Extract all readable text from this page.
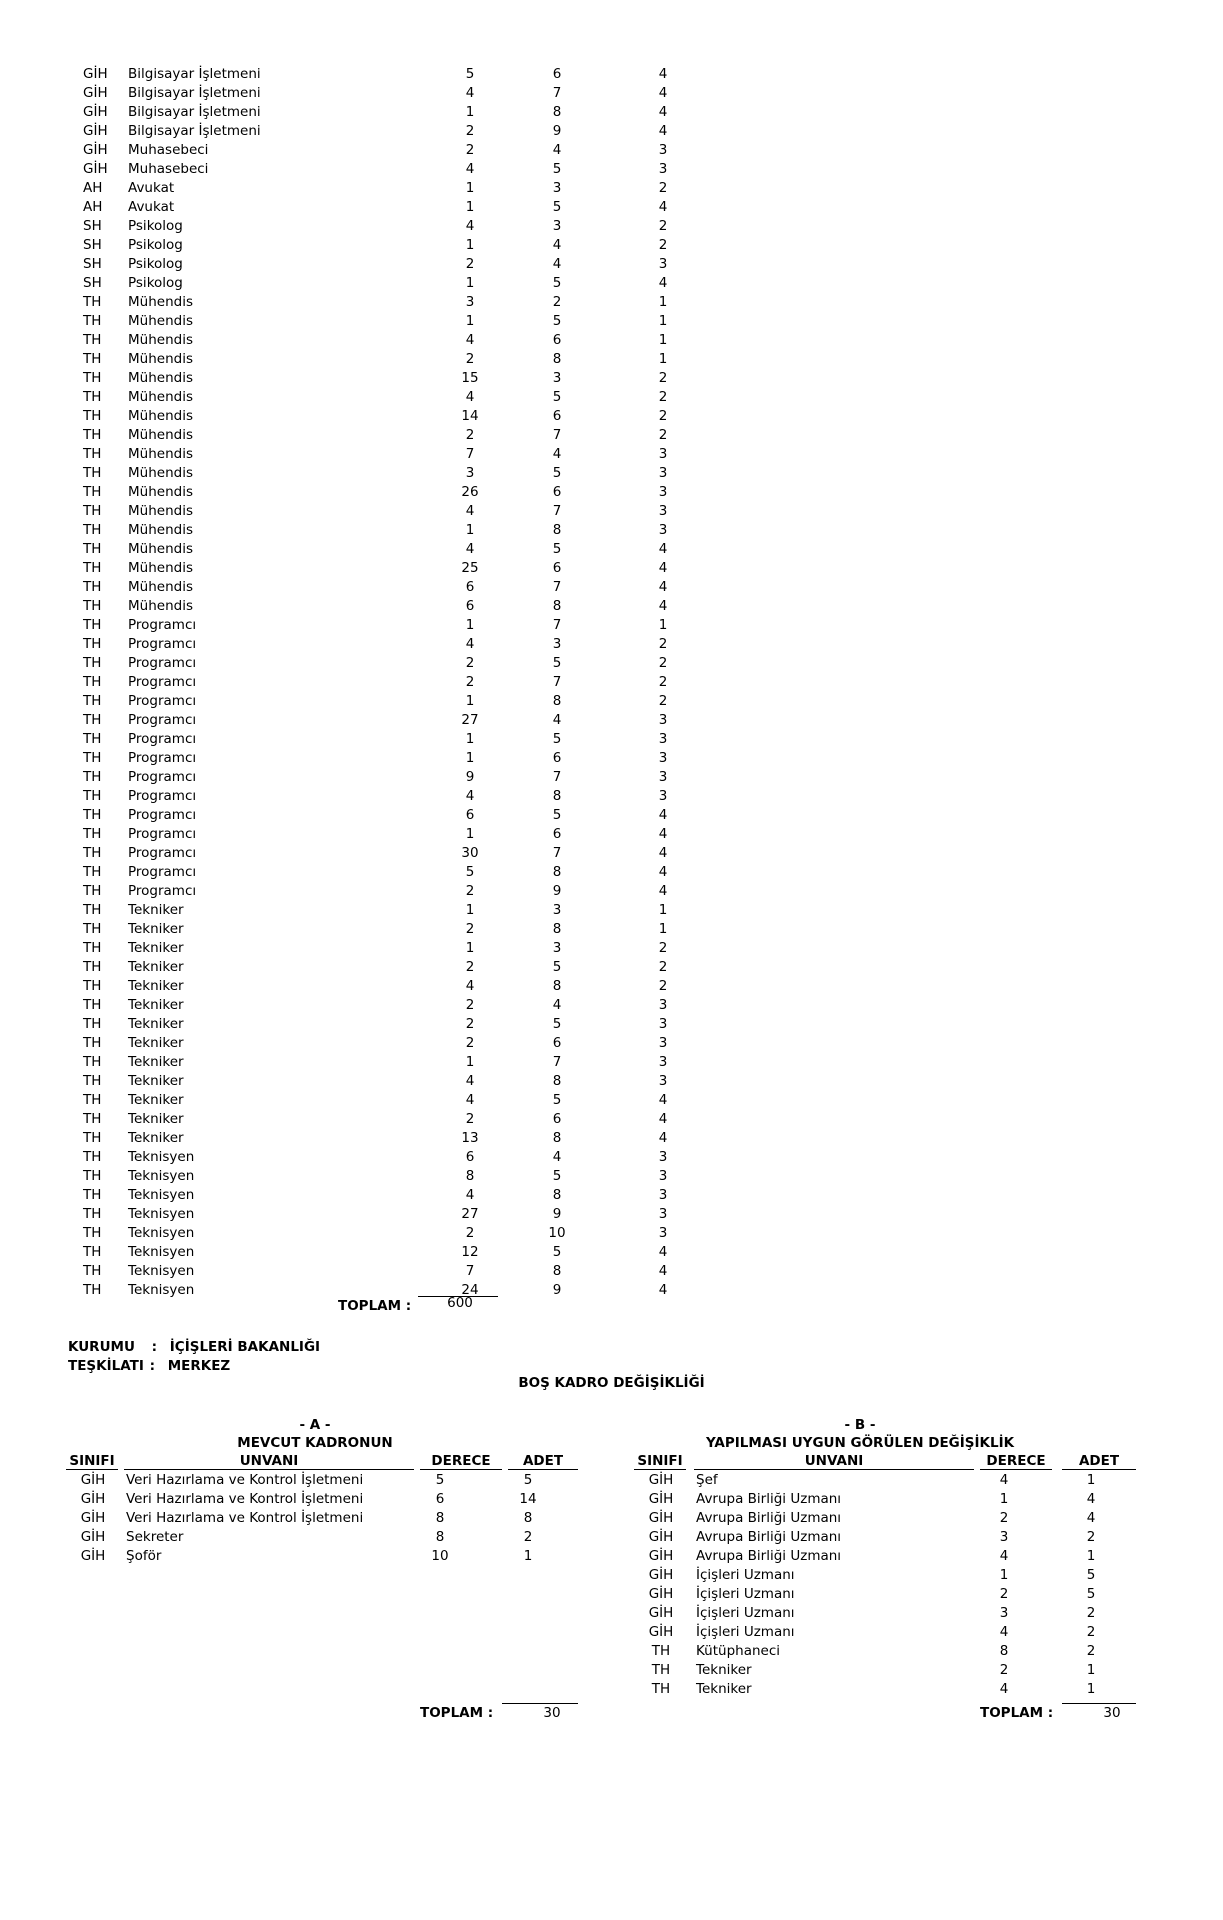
GİH Bilgisayar İşletmeni	5	6	4
GİH Bilgisayar İşletmeni	4	7	4
GİH Bilgisayar İşletmeni	1	8	4
GİH Bilgisayar İşletmeni	2	9	4
GİH Muhasebeci	2	4	3
GİH Muhasebeci	4	5	3
AH Avukat	1	3	2
AH Avukat	1	5	4
SH Psikolog	4	3	2
SH Psikolog	1	4	2
SH Psikolog	2	4	3
SH Psikolog	1	5	4
TH Mühendis	3	2	1
TH Mühendis	1	5	1
TH Mühendis	4	6	1
TH Mühendis	2	8	1
TH Mühendis	15	3	2
TH Mühendis	4	5	2
TH Mühendis	14	6	2
TH Mühendis	2	7	2
TH Mühendis	7	4	3
TH Mühendis	3	5	3
TH Mühendis	26	6	3
TH Mühendis	4	7	3
TH Mühendis	1	8	3
TH Mühendis	4	5	4
TH Mühendis	25	6	4
TH Mühendis	6	7	4
TH Mühendis	6	8	4
TH Programcı	1	7	1
TH Programcı	4	3	2
TH Programcı	2	5	2
TH Programcı	2	7	2
TH Programcı	1	8	2
TH Programcı	27	4	3
TH Programcı	1	5	3
TH Programcı	1	6	3
TH Programcı	9	7	3
TH Programcı	4	8	3
TH Programcı	6	5	4
TH Programcı	1	6	4
TH Programcı	30	7	4
TH Programcı	5	8	4
TH Programcı	2	9	4
TH Tekniker	1	3	1
TH Tekniker	2	8	1
TH Tekniker	1	3	2
TH Tekniker	2	5	2
TH Tekniker	4	8	2
TH Tekniker	2	4	3
TH Tekniker	2	5	3
TH Tekniker	2	6	3
TH Tekniker	1	7	3
TH Tekniker	4	8	3
TH Tekniker	4	5	4
TH Tekniker	2	6	4
TH Tekniker	13	8	4
TH Teknisyen	6	4	3
TH Teknisyen	8	5	3
TH Teknisyen	4	8	3
TH Teknisyen	27	9	3
TH Teknisyen	2	10	3
TH Teknisyen	12	5	4
TH Teknisyen	7	8	4
TH Teknisyen	24	9	4
TOPLAM :	600
KURUMU : İÇİŞLERİ BAKANLIĞI
TEŞKİLATI : MERKEZ
BOŞ KADRO DEĞİŞİKLİĞİ
- A -
MEVCUT KADRONUN
SINIFI	UNVANI	DERECE	ADET
GİH	Veri Hazırlama ve Kontrol İşletmeni	5	5
GİH	Veri Hazırlama ve Kontrol İşletmeni	6	14
GİH	Veri Hazırlama ve Kontrol İşletmeni	8	8
GİH	Sekreter	8	2
GİH	Şoför	10	1
TOPLAM :	30
- B -
YAPILMASI UYGUN GÖRÜLEN DEĞİŞİKLİK
SINIFI	UNVANI	DERECE	ADET
GİH	Şef	4	1
GİH	Avrupa Birliği Uzmanı	1	4
GİH	Avrupa Birliği Uzmanı	2	4
GİH	Avrupa Birliği Uzmanı	3	2
GİH	Avrupa Birliği Uzmanı	4	1
GİH	İçişleri Uzmanı	1	5
GİH	İçişleri Uzmanı	2	5
GİH	İçişleri Uzmanı	3	2
GİH	İçişleri Uzmanı	4	2
TH	Kütüphaneci	8	2
TH	Tekniker	2	1
TH	Tekniker	4	1
TOPLAM :	30
